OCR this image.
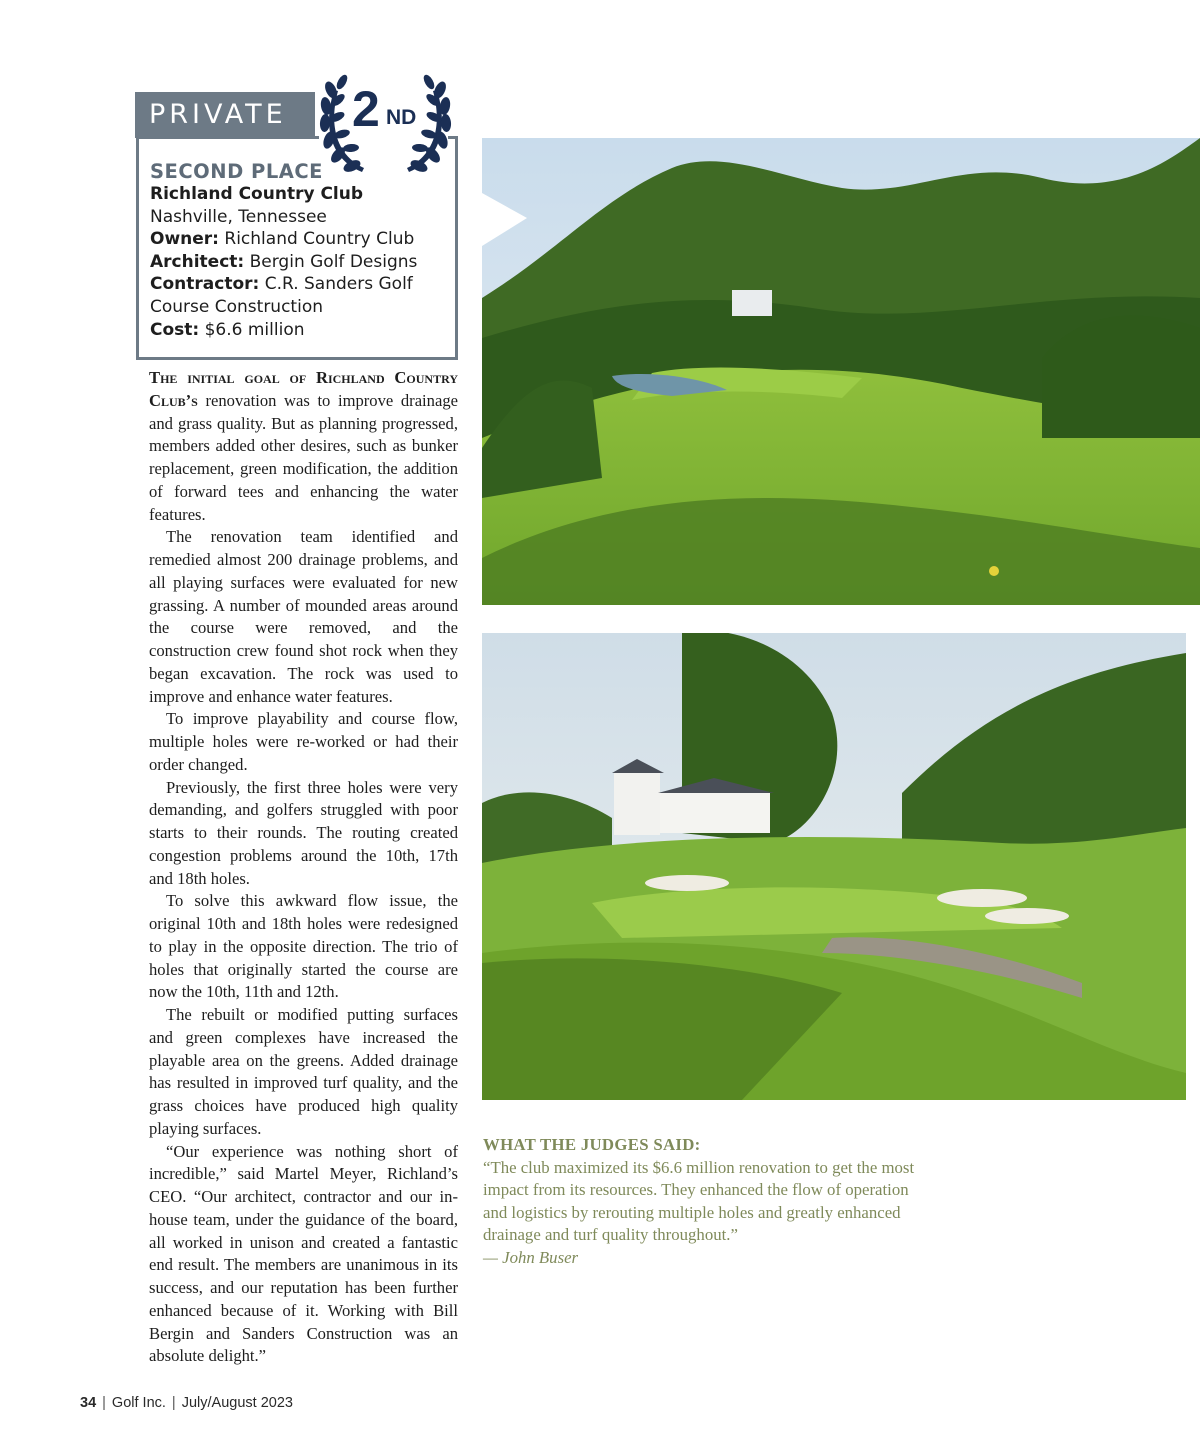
PRIVATE	2 ND
SECOND PLACE
Richland Country Club
Nashville, Tennessee
Owner: Richland Country Club
Architect: Bergin Golf Designs
Contractor: C.R. Sanders Golf Course Construction
Cost: $6.6 million

The initial goal of Richland Country Club’s renovation was to improve drainage and grass quality. But as planning progressed, members added other desires, such as bunker replacement, green modification, the addition of forward tees and enhancing the water features.

The renovation team identified and remedied almost 200 drainage problems, and all playing surfaces were evaluated for new grassing. A number of mounded areas around the course were removed, and the construction crew found shot rock when they began excavation. The rock was used to improve and enhance water features.

To improve playability and course flow, multiple holes were re-worked or had their order changed.

Previously, the first three holes were very demanding, and golfers struggled with poor starts to their rounds. The routing created congestion problems around the 10th, 17th and 18th holes.

To solve this awkward flow issue, the original 10th and 18th holes were redesigned to play in the opposite direction. The trio of holes that originally started the course are now the 10th, 11th and 12th.

The rebuilt or modified putting surfaces and green complexes have increased the playable area on the greens. Added drainage has resulted in improved turf quality, and the grass choices have produced high quality playing surfaces.

“Our experience was nothing short of incredible,” said Martel Meyer, Richland’s CEO. “Our architect, contractor and our in-house team, under the guidance of the board, all worked in unison and created a fantastic end result. The members are unanimous in its success, and our reputation has been further enhanced because of it. Working with Bill Bergin and Sanders Construction was an absolute delight.”

WHAT THE JUDGES SAID:
“The club maximized its $6.6 million renovation to get the most impact from its resources. They enhanced the flow of operation and logistics by rerouting multiple holes and greatly enhanced drainage and turf quality throughout.”
— John Buser
34 | Golf Inc. | July/August 2023
